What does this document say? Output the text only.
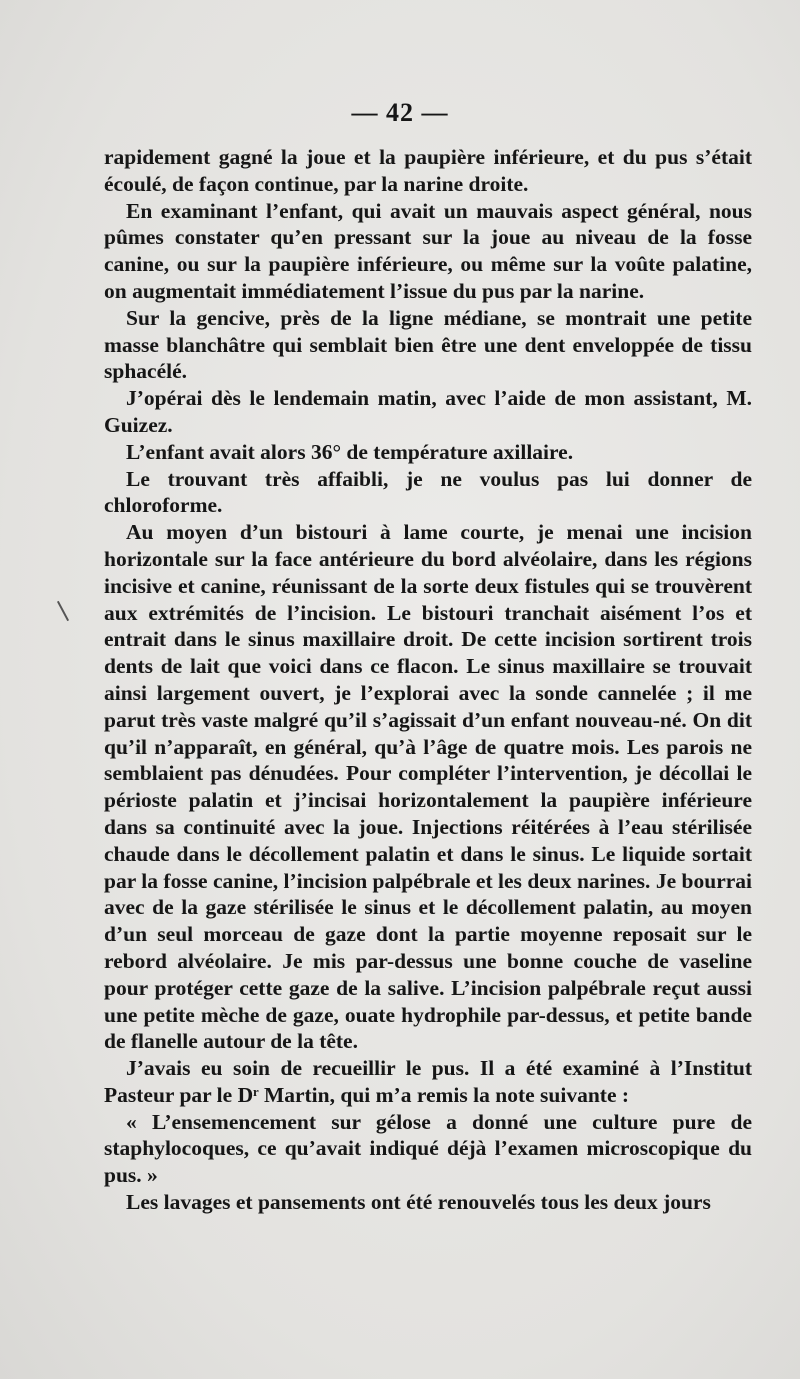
— 42 —

rapidement gagné la joue et la paupière inférieure, et du pus s’était écoulé, de façon continue, par la narine droite.

En examinant l’enfant, qui avait un mauvais aspect général, nous pûmes constater qu’en pressant sur la joue au niveau de la fosse canine, ou sur la paupière inférieure, ou même sur la voûte palatine, on augmentait immédiatement l’issue du pus par la narine.

Sur la gencive, près de la ligne médiane, se montrait une petite masse blanchâtre qui semblait bien être une dent enveloppée de tissu sphacélé.

J’opérai dès le lendemain matin, avec l’aide de mon assistant, M. Guizez.

L’enfant avait alors 36° de température axillaire.

Le trouvant très affaibli, je ne voulus pas lui donner de chloroforme.

Au moyen d’un bistouri à lame courte, je menai une incision horizontale sur la face antérieure du bord alvéolaire, dans les régions incisive et canine, réunissant de la sorte deux fistules qui se trouvèrent aux extrémités de l’incision. Le bistouri tranchait aisément l’os et entrait dans le sinus maxillaire droit. De cette incision sortirent trois dents de lait que voici dans ce flacon. Le sinus maxillaire se trouvait ainsi largement ouvert, je l’explorai avec la sonde cannelée ; il me parut très vaste malgré qu’il s’agissait d’un enfant nouveau-né. On dit qu’il n’apparaît, en général, qu’à l’âge de quatre mois. Les parois ne semblaient pas dénudées. Pour compléter l’intervention, je décollai le périoste palatin et j’incisai horizontalement la paupière inférieure dans sa continuité avec la joue. Injections réitérées à l’eau stérilisée chaude dans le décollement palatin et dans le sinus. Le liquide sortait par la fosse canine, l’incision palpébrale et les deux narines. Je bourrai avec de la gaze stérilisée le sinus et le décollement palatin, au moyen d’un seul morceau de gaze dont la partie moyenne reposait sur le rebord alvéolaire. Je mis par-dessus une bonne couche de vaseline pour protéger cette gaze de la salive. L’incision palpébrale reçut aussi une petite mèche de gaze, ouate hydrophile par-dessus, et petite bande de flanelle autour de la tête.

J’avais eu soin de recueillir le pus. Il a été examiné à l’Institut Pasteur par le Dʳ Martin, qui m’a remis la note suivante :

« L’ensemencement sur gélose a donné une culture pure de staphylocoques, ce qu’avait indiqué déjà l’examen microscopique du pus. »

Les lavages et pansements ont été renouvelés tous les deux jours
